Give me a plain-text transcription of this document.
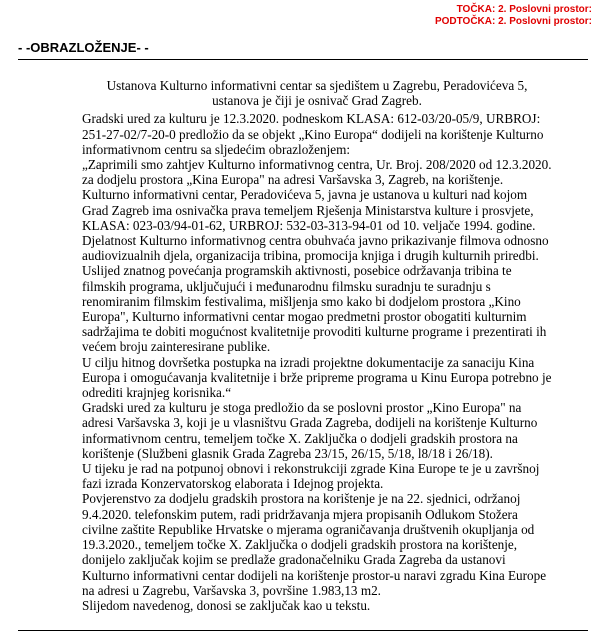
TOČKA: 2. Poslovni prostor:
PODTOČKA: 2. Poslovni prostor:
- -OBRAZLOŽENJE- -

Ustanova Kulturno informativni centar sa sjedištem u Zagrebu, Peradovićeva 5, ustanova je čiji je osnivač Grad Zagreb.

Gradski ured za kulturu je 12.3.2020. podneskom KLASA: 612-03/20-05/9, URBROJ: 251-27-02/7-20-0 predložio da se objekt „Kino Europa“ dodijeli na korištenje Kulturno informativnom centru sa sljedećim obrazloženjem:

„Zaprimili smo zahtjev Kulturno informativnog centra, Ur. Broj. 208/2020 od 12.3.2020. za dodjelu prostora „Kina Europa" na adresi Varšavska 3, Zagreb, na korištenje.

Kulturno informativni centar, Peradovićeva 5, javna je ustanova u kulturi nad kojom Grad Zagreb ima osnivačka prava temeljem Rješenja Ministarstva kulture i prosvjete, KLASA: 023-03/94-01-62, URBROJ: 532-03-313-94-01 od 10. veljače 1994. godine.

Djelatnost Kulturno informativnog centra obuhvaća javno prikazivanje filmova odnosno audiovizualnih djela, organizacija tribina, promocija knjiga i drugih kulturnih priredbi.

Uslijed znatnog povećanja programskih aktivnosti, posebice održavanja tribina te filmskih programa, uključujući i međunarodnu filmsku suradnju te suradnju s renomiranim filmskim festivalima, mišljenja smo kako bi dodjelom prostora „Kino Europa", Kulturno informativni centar mogao predmetni prostor obogatiti kulturnim sadržajima te dobiti mogućnost kvalitetnije provoditi kulturne programe i prezentirati ih većem broju zainteresirane publike.

U cilju hitnog dovršetka postupka na izradi projektne dokumentacije za sanaciju Kina Europa i omogućavanja kvalitetnije i brže pripreme programa u Kinu Europa potrebno je odrediti krajnjeg korisnika.“

Gradski ured za kulturu je stoga predložio da se poslovni prostor „Kino Europa" na adresi Varšavska 3, koji je u vlasništvu Grada Zagreba, dodijeli na korištenje Kulturno informativnom centru, temeljem točke X. Zaključka o dodjeli gradskih prostora na korištenje (Službeni glasnik Grada Zagreba 23/15, 26/15, 5/18, l8/18 i 26/18).

U tijeku je rad na potpunoj obnovi i rekonstrukciji zgrade Kina Europe te je u završnoj fazi izrada Konzervatorskog elaborata i Idejnog projekta.

Povjerenstvo za dodjelu gradskih prostora na korištenje je na 22. sjednici, održanoj 9.4.2020. telefonskim putem, radi pridržavanja mjera propisanih Odlukom Stožera civilne zaštite Republike Hrvatske o mjerama ograničavanja društvenih okupljanja od 19.3.2020., temeljem točke X. Zaključka o dodjeli gradskih prostora na korištenje, donijelo zaključak kojim se predlaže gradonačelniku Grada Zagreba da ustanovi Kulturno informativni centar dodijeli na korištenje prostor-u naravi zgradu Kina Europe na adresi u Zagrebu, Varšavska 3, površine 1.983,13 m2.

Slijedom navedenog, donosi se zaključak kao u tekstu.
